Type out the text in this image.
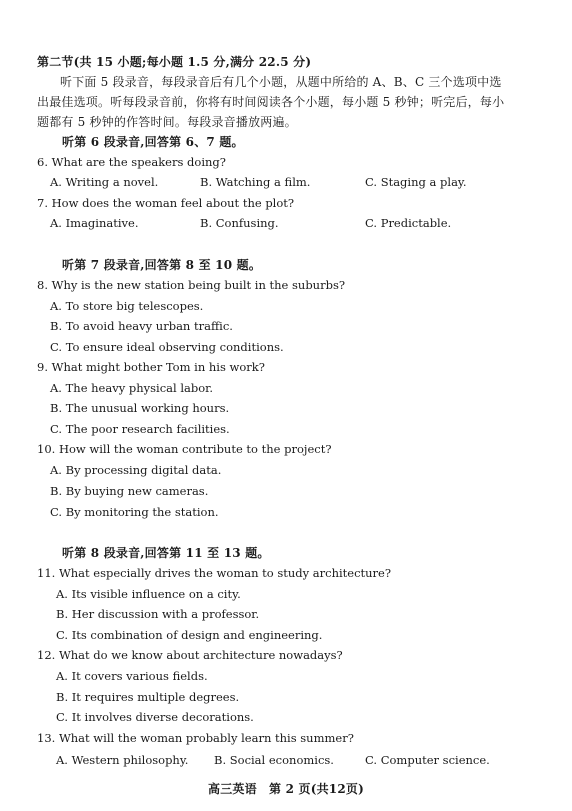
第二节(共 15 小题;每小题 1.5 分,满分 22.5 分)
听下面 5 段录音，每段录音后有几个小题，从题中所给的 A、B、C 三个选项中选
出最佳选项。听每段录音前，你将有时间阅读各个小题，每小题 5 秒钟；听完后，每小
题都有 5 秒钟的作答时间。每段录音播放两遍。
听第 6 段录音,回答第 6、7 题。
6. What are the speakers doing?
A. Writing a novel.	B. Watching a film.	C. Staging a play.
7. How does the woman feel about the plot?
A. Imaginative.	B. Confusing.	C. Predictable.
听第 7 段录音,回答第 8 至 10 题。
8. Why is the new station being built in the suburbs?
A. To store big telescopes.
B. To avoid heavy urban traffic.
C. To ensure ideal observing conditions.
9. What might bother Tom in his work?
A. The heavy physical labor.
B. The unusual working hours.
C. The poor research facilities.
10. How will the woman contribute to the project?
A. By processing digital data.
B. By buying new cameras.
C. By monitoring the station.
听第 8 段录音,回答第 11 至 13 题。
11. What especially drives the woman to study architecture?
A. Its visible influence on a city.
B. Her discussion with a professor.
C. Its combination of design and engineering.
12. What do we know about architecture nowadays?
A. It covers various fields.
B. It requires multiple degrees.
C. It involves diverse decorations.
13. What will the woman probably learn this summer?
A. Western philosophy. B. Social economics.	C. Computer science.
高三英语　第 2 页(共12页)
